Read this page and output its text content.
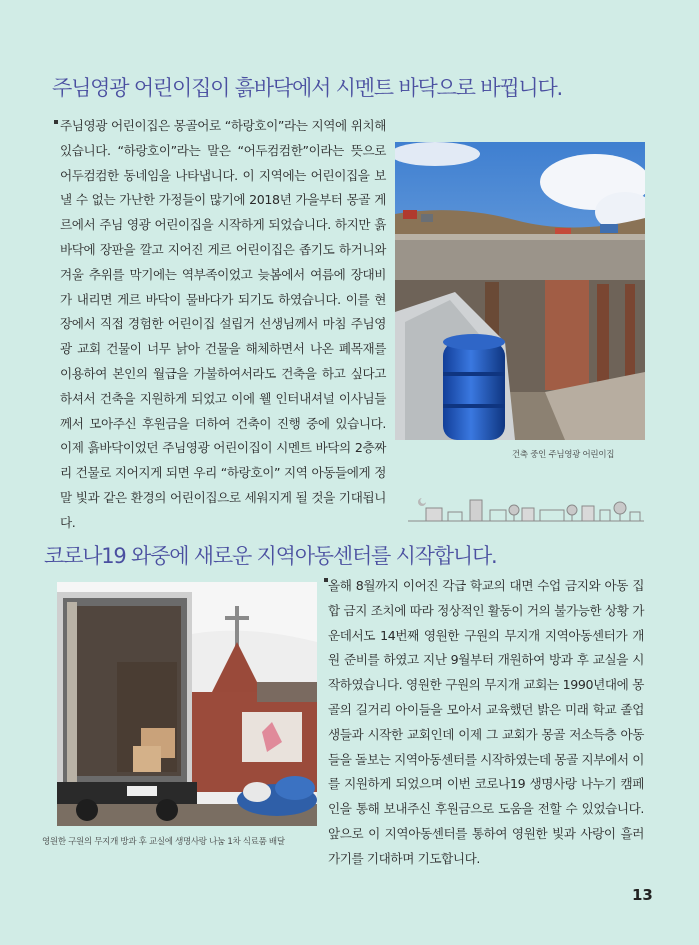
주님영광 어린이집이 흙바닥에서 시멘트 바닥으로 바뀝니다.

주님영광 어린이집은 몽골어로 “하랑호이”라는 지역에 위치해 있습니다. “하랑호이”라는 말은 “어두컴컴한”이라는 뜻으로 어두컴컴한 동네임을 나타냅니다. 이 지역에는 어린이집을 보낼 수 없는 가난한 가정들이 많기에 2018년 가을부터 몽골 게르에서 주님 영광 어린이집을 시작하게 되었습니다. 하지만 흙바닥에 장판을 깔고 지어진 게르 어린이집은 좁기도 하거니와 겨울 추위를 막기에는 역부족이었고 늦봄에서 여름에 장대비가 내리면 게르 바닥이 물바다가 되기도 하였습니다. 이를 현장에서 직접 경험한 어린이집 설립거 선생님께서 마침 주님영광 교회 건물이 너무 낡아 건물을 해체하면서 나온 폐목재를 이용하여 본인의 월급을 가불하여서라도 건축을 하고 싶다고 하셔서 건축을 지원하게 되었고 이에 웰 인터내셔널 이사님들께서 모아주신 후원금을 더하여 건축이 진행 중에 있습니다. 이제 흙바닥이었던 주님영광 어린이집이 시멘트 바닥의 2층짜리 건물로 지어지게 되면 우리 “하랑호이” 지역 아동들에게 정말 빛과 같은 환경의 어린이집으로 세워지게 될 것을 기대됩니다.

건축 중인 주님영광 어린이집

코로나19 와중에 새로운 지역아동센터를 시작합니다.

올해 8월까지 이어진 각급 학교의 대면 수업 금지와 아동 집합 금지 조치에 따라 정상적인 활동이 거의 불가능한 상황 가운데서도 14번째 영원한 구원의 무지개 지역아동센터가 개원 준비를 하였고 지난 9월부터 개원하여 방과 후 교실을 시작하였습니다. 영원한 구원의 무지개 교회는 1990년대에 몽골의 길거리 아이들을 모아서 교육했던 밝은 미래 학교 졸업생들과 시작한 교회인데 이제 그 교회가 몽골 저소득층 아동들을 돌보는 지역아동센터를 시작하였는데 몽골 지부에서 이를 지원하게 되었으며 이번 코로나19 생명사랑 나누기 캠페인을 통해 보내주신 후원금으로 도움을 전할 수 있었습니다. 앞으로 이 지역아동센터를 통하여 영원한 빛과 사랑이 흘러가기를 기대하며 기도합니다.

영원한 구원의 무지개 방과 후 교실에 생명사랑 나눔 1차 식료품 배달

13
